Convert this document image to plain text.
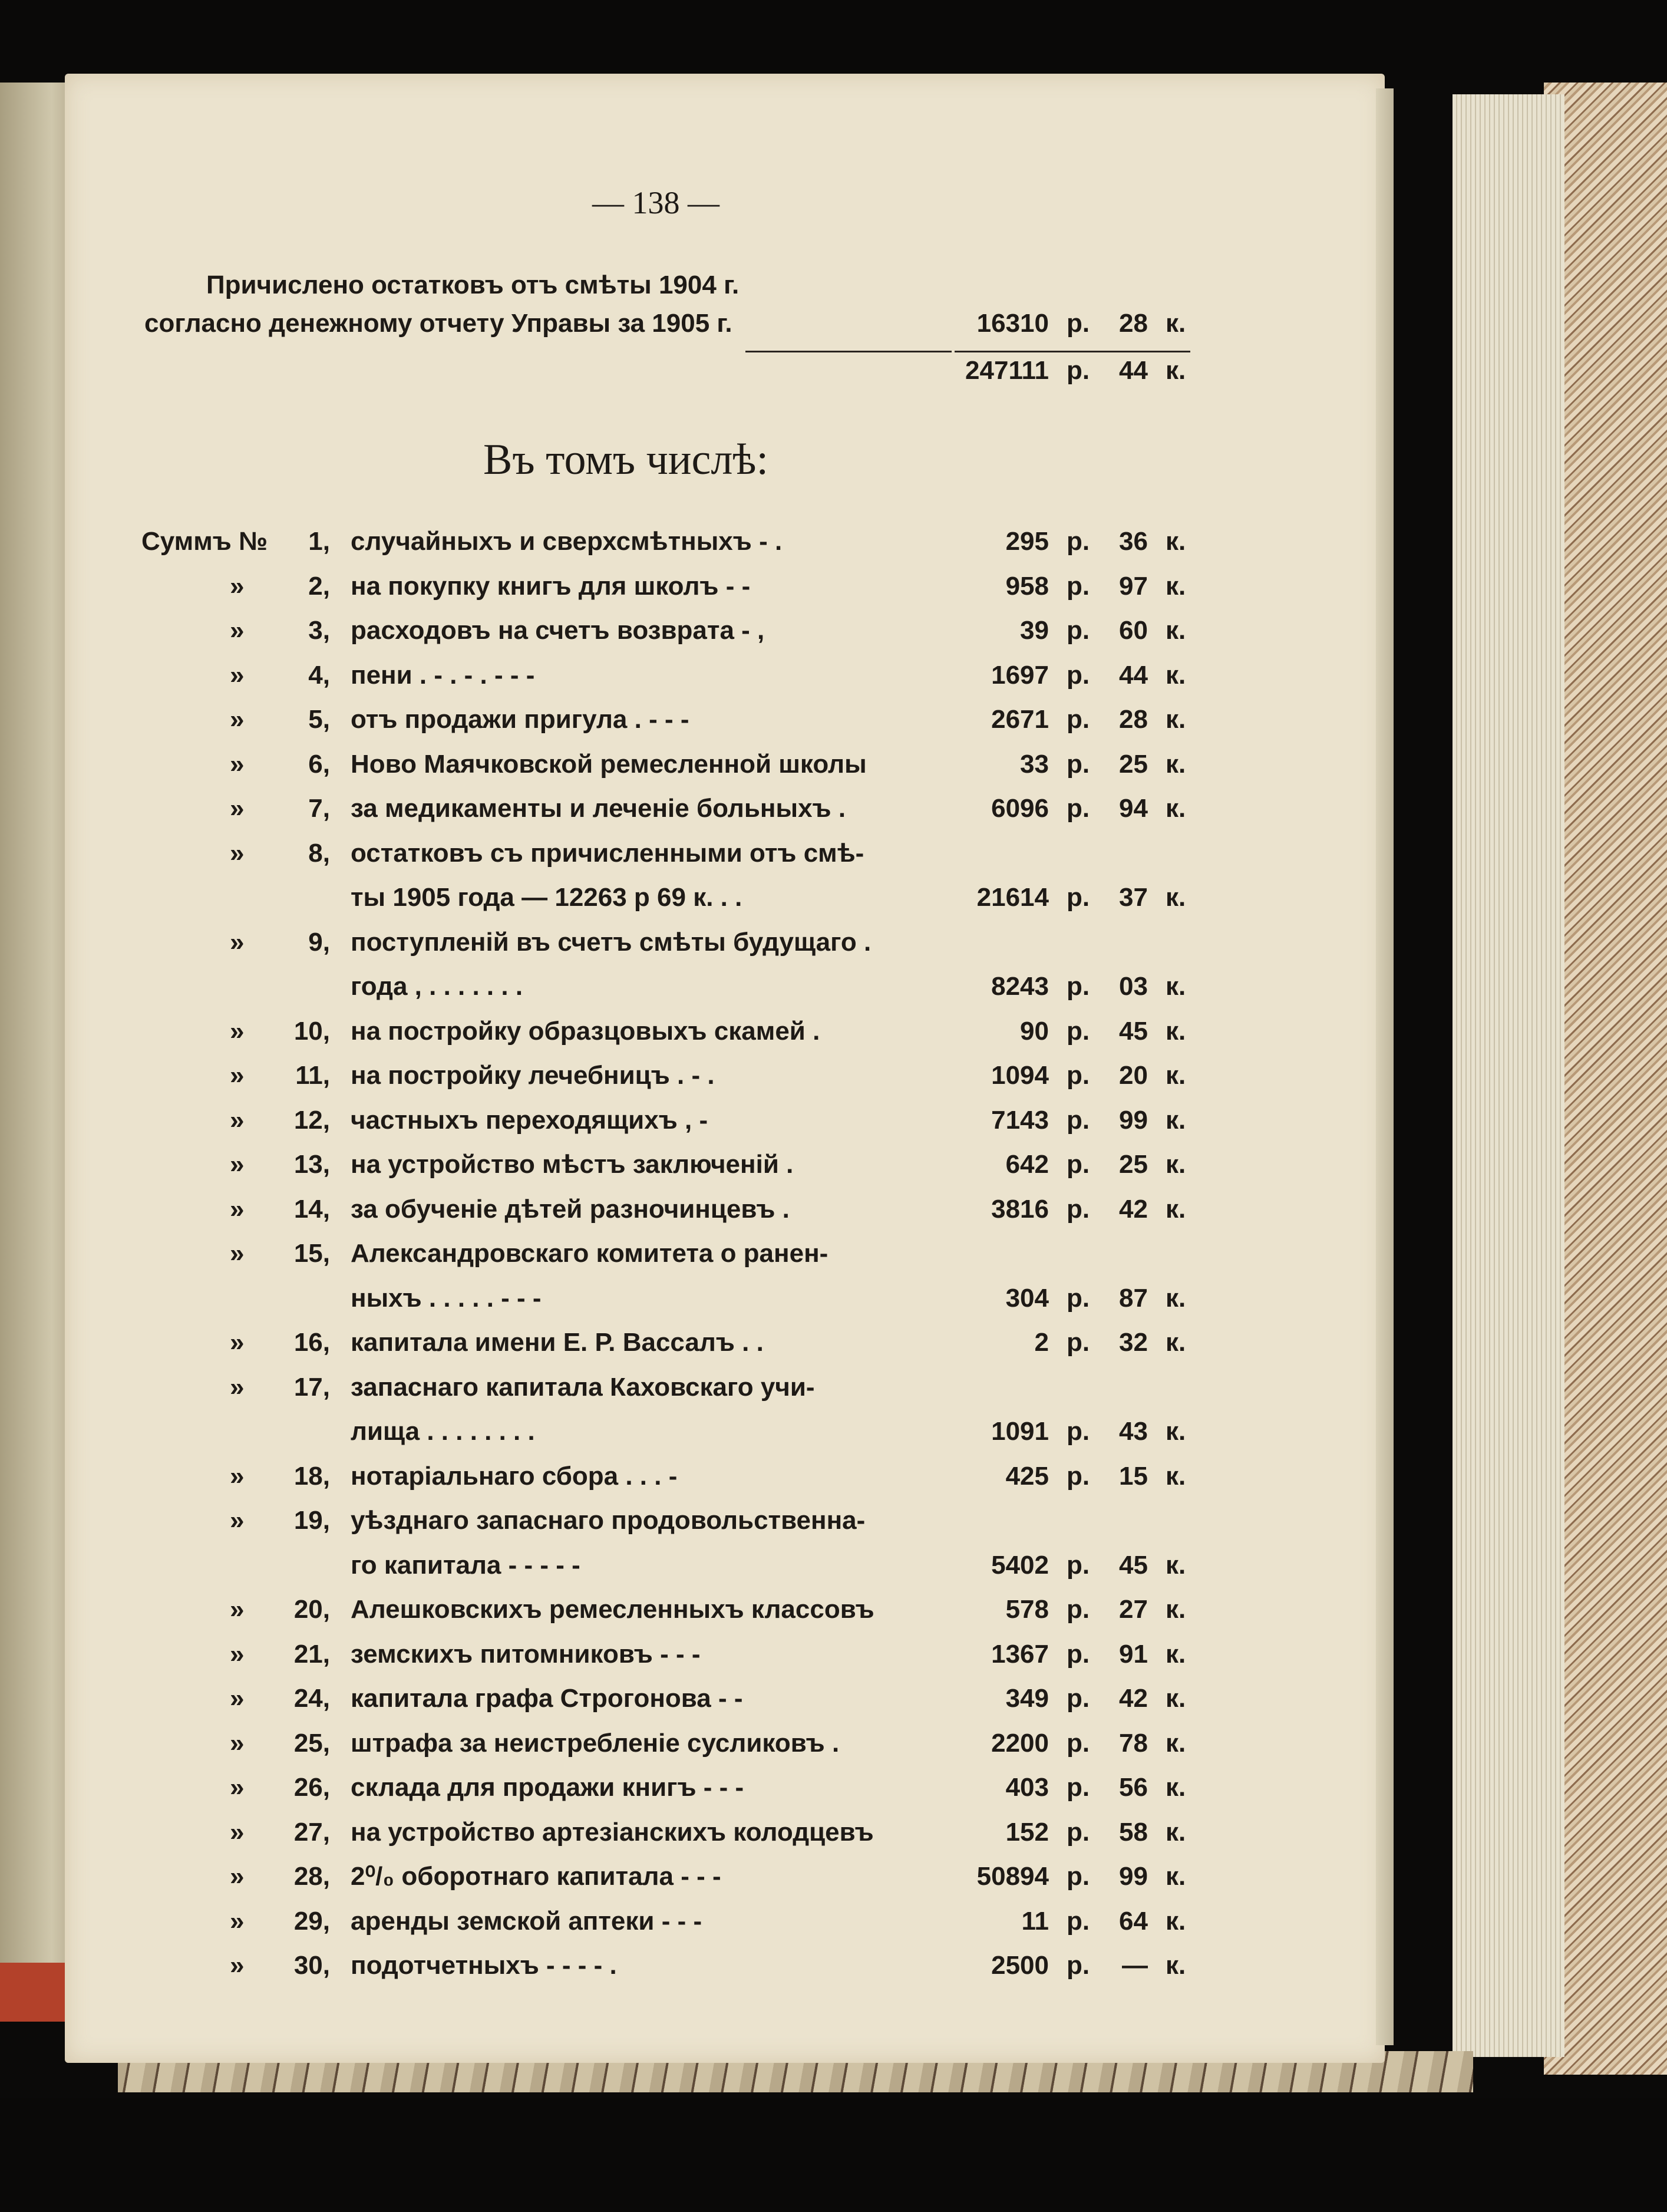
— 138 —
Причислено остатковъ отъ смѣты 1904 г.
согласно денежному отчету Управы за 1905 г.	16310 р.	28 к.
247111 р.	44 к.
Въ томъ числѣ:
Суммъ №	1, случайныхъ и сверхсмѣтныхъ - .	295 р.	36 к.
»	2, на покупку книгъ для школъ - -	958 р.	97 к.
»	3, расходовъ на счетъ возврата - ,	39 р.	60 к.
»	4, пени . - . - . - - -	1697 р.	44 к.
»	5, отъ продажи пригула . - - -	2671 р.	28 к.
»	6, Ново Маячковской ремесленной школы	33 р.	25 к.
»	7, за медикаменты и леченіе больныхъ .	6096 р.	94 к.
»	8, остатковъ съ причисленными отъ смѣ-
ты 1905 года — 12263 р 69 к. . .	21614 р.	37 к.
»	9, поступленій въ счетъ смѣты будущаго .
года , . . . . . . .	8243 р.	03 к.
»	10, на постройку образцовыхъ скамей .	90 р.	45 к.
»	11, на постройку лечебницъ . - .	1094 р.	20 к.
»	12, частныхъ переходящихъ , -	7143 р.	99 к.
»	13, на устройство мѣстъ заключеній .	642 р.	25 к.
»	14, за обученіе дѣтей разночинцевъ .	3816 р.	42 к.
»	15, Александровскаго комитета о ранен-
ныхъ . . . . . - - -	304 р.	87 к.
»	16, капитала имени Е. Р. Вассалъ . .	2 р.	32 к.
»	17, запаснаго капитала Каховскаго учи-
лища . . . . . . . .	1091 р.	43 к.
»	18, нотаріальнаго сбора . . . -	425 р.	15 к.
»	19, уѣзднаго запаснаго продовольственна-
го капитала - - - - -	5402 р.	45 к.
»	20, Алешковскихъ ремесленныхъ классовъ	578 р.	27 к.
»	21, земскихъ питомниковъ - - -	1367 р.	91 к.
»	24, капитала графа Строгонова - -	349 р.	42 к.
»	25, штрафа за неистребленіе сусликовъ .	2200 р.	78 к.
»	26, склада для продажи книгъ - - -	403 р.	56 к.
»	27, на устройство артезіанскихъ колодцевъ	152 р.	58 к.
»	28, 2⁰/₀ оборотнаго капитала - - -	50894 р.	99 к.
»	29, аренды земской аптеки - - -	11 р.	64 к.
»	30, подотчетныхъ - - - - .	2500 р.	— к.
